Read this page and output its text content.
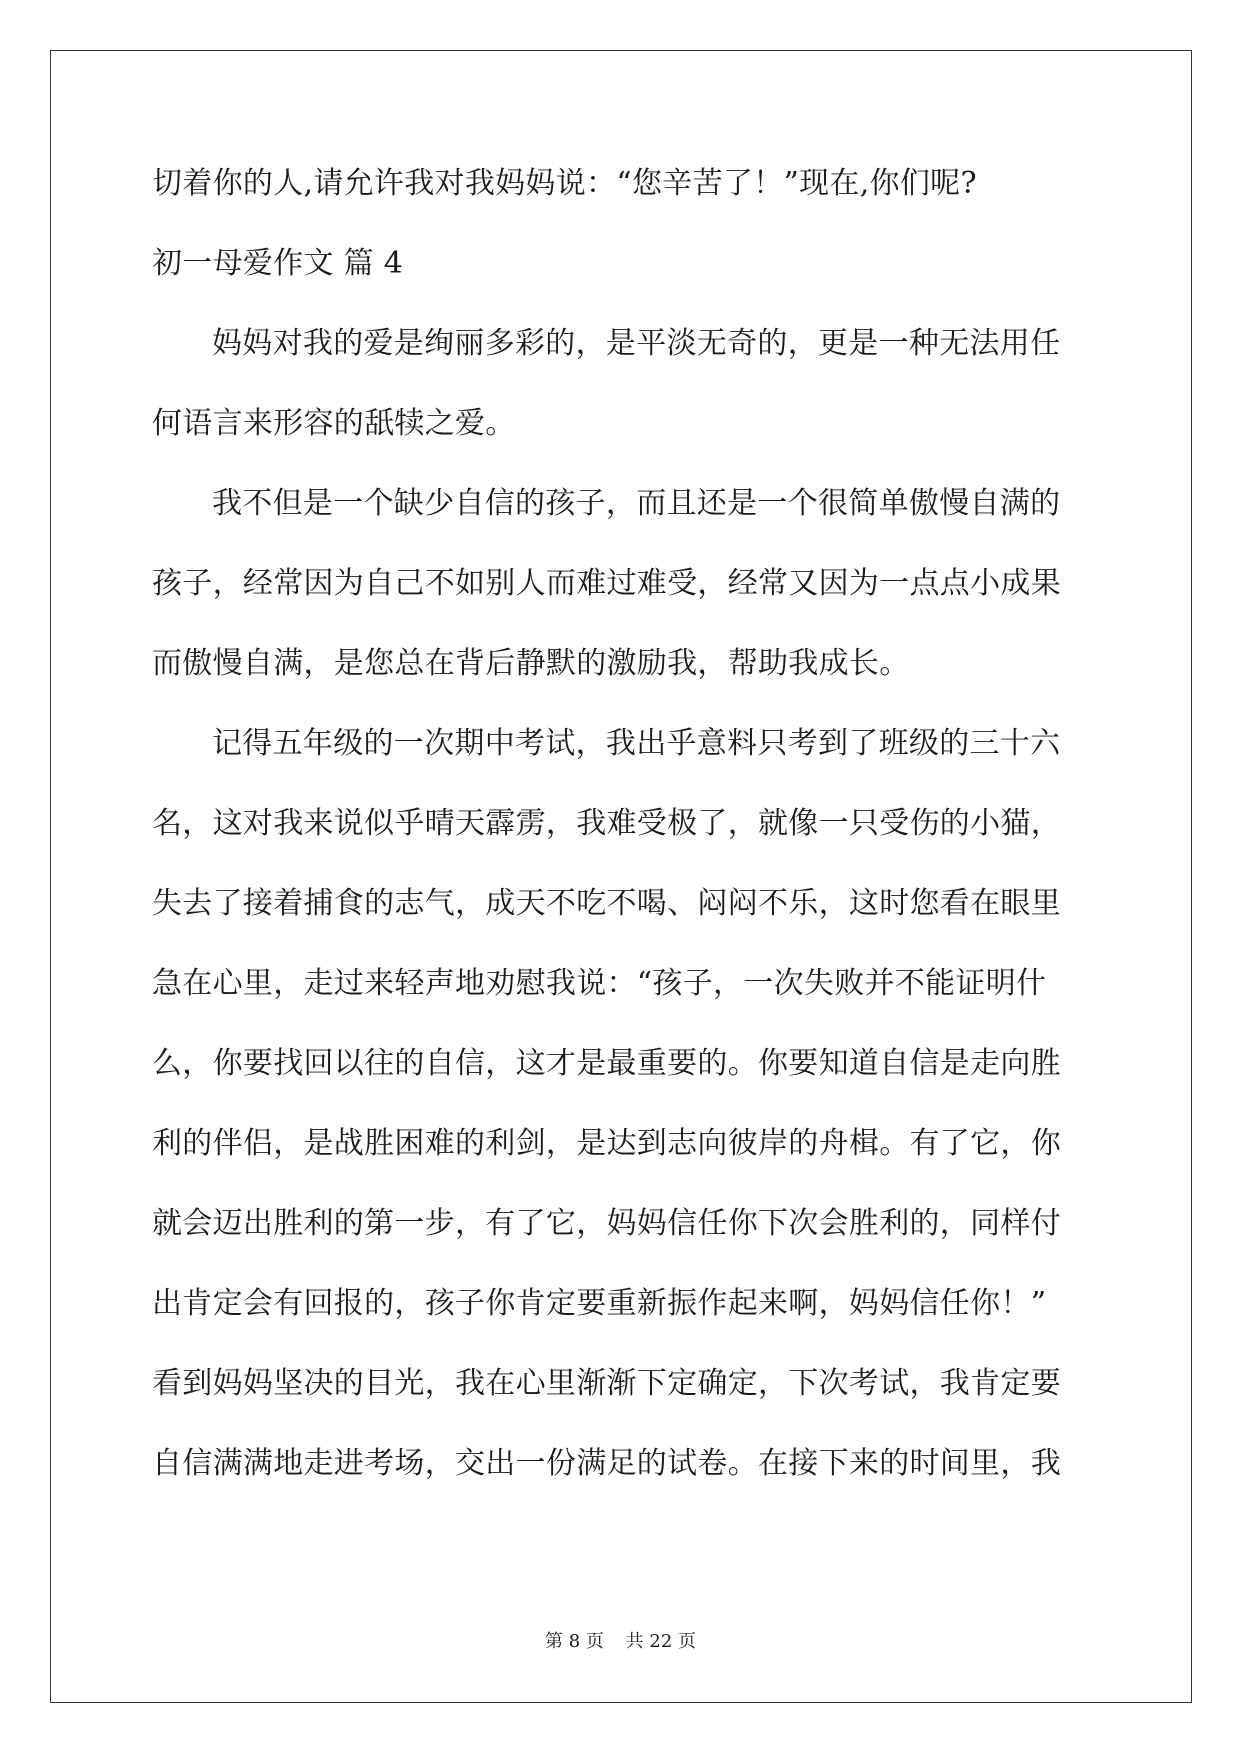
切着你的人,请允许我对我妈妈说：“您辛苦了！”现在,你们呢?
初一母爱作文 篇 4
妈妈对我的爱是绚丽多彩的，是平淡无奇的，更是一种无法用任
何语言来形容的舐犊之爱。
我不但是一个缺少自信的孩子，而且还是一个很简单傲慢自满的
孩子，经常因为自己不如别人而难过难受，经常又因为一点点小成果
而傲慢自满，是您总在背后静默的激励我，帮助我成长。
记得五年级的一次期中考试，我出乎意料只考到了班级的三十六
名，这对我来说似乎晴天霹雳，我难受极了，就像一只受伤的小猫，
失去了接着捕食的志气，成天不吃不喝、闷闷不乐，这时您看在眼里
急在心里，走过来轻声地劝慰我说：“孩子，一次失败并不能证明什
么，你要找回以往的自信，这才是最重要的。你要知道自信是走向胜
利的伴侣，是战胜困难的利剑，是达到志向彼岸的舟楫。有了它，你
就会迈出胜利的第一步，有了它，妈妈信任你下次会胜利的，同样付
出肯定会有回报的，孩子你肯定要重新振作起来啊，妈妈信任你！”
看到妈妈坚决的目光，我在心里渐渐下定确定，下次考试，我肯定要
自信满满地走进考场，交出一份满足的试卷。在接下来的时间里，我
第 8 页 共 22 页
